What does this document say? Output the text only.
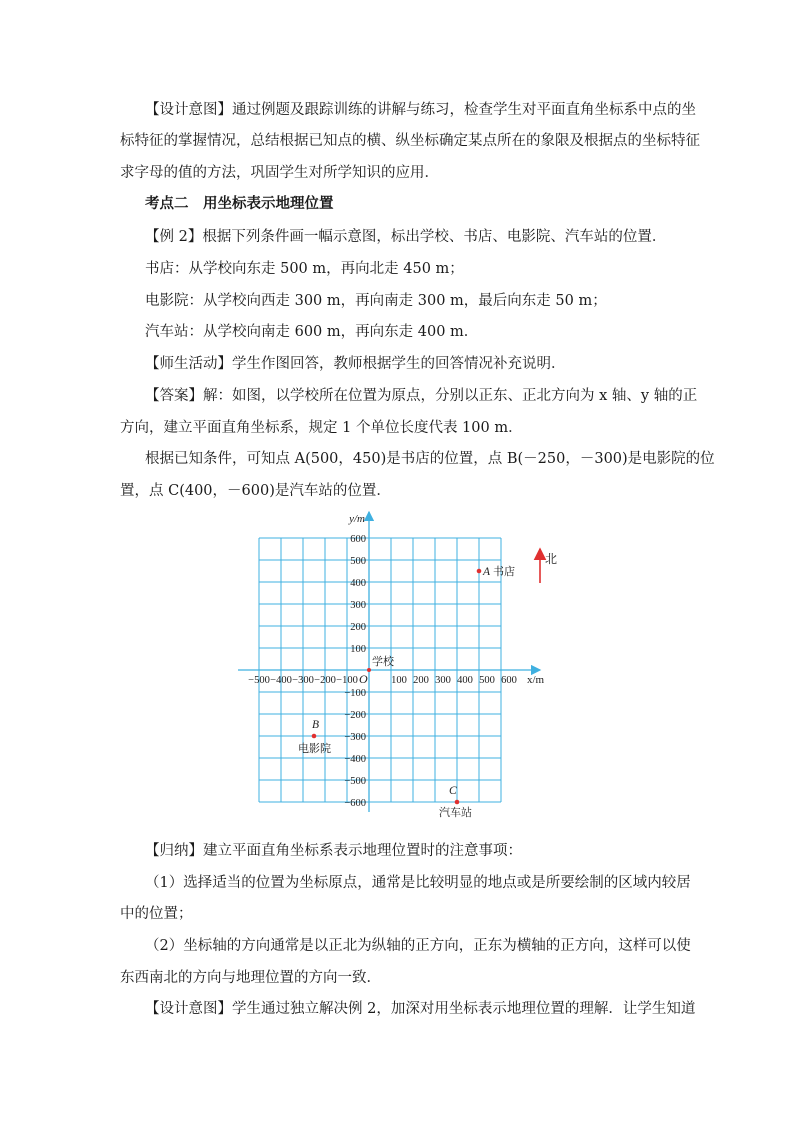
【设计意图】通过例题及跟踪训练的讲解与练习，检查学生对平面直角坐标系中点的坐
标特征的掌握情况，总结根据已知点的横、纵坐标确定某点所在的象限及根据点的坐标特征
求字母的值的方法，巩固学生对所学知识的应用．
考点二　用坐标表示地理位置
【例 2】根据下列条件画一幅示意图，标出学校、书店、电影院、汽车站的位置．
书店：从学校向东走 500 m，再向北走 450 m；
电影院：从学校向西走 300 m，再向南走 300 m，最后向东走 50 m；
汽车站：从学校向南走 600 m，再向东走 400 m．
【师生活动】学生作图回答，教师根据学生的回答情况补充说明．
【答案】解：如图，以学校所在位置为原点，分别以正东、正北方向为 x 轴、y 轴的正
方向，建立平面直角坐标系，规定 1 个单位长度代表 100 m．
根据已知条件，可知点 A(500，450)是书店的位置，点 B(－250，－300)是电影院的位
置，点 C(400，－600)是汽车站的位置．
y/m
x/m
O
−500 −400 −300 −200 −100	100 200 300 400 500 600
600
500
400
300
200
100
−100
−200
−300
−400
−500
−600
A 书店
B
电影院
C
汽车站
学校
北
【归纳】建立平面直角坐标系表示地理位置时的注意事项：
（1）选择适当的位置为坐标原点，通常是比较明显的地点或是所要绘制的区域内较居
中的位置；
（2）坐标轴的方向通常是以正北为纵轴的正方向，正东为横轴的正方向，这样可以使
东西南北的方向与地理位置的方向一致．
【设计意图】学生通过独立解决例 2，加深对用坐标表示地理位置的理解．让学生知道
